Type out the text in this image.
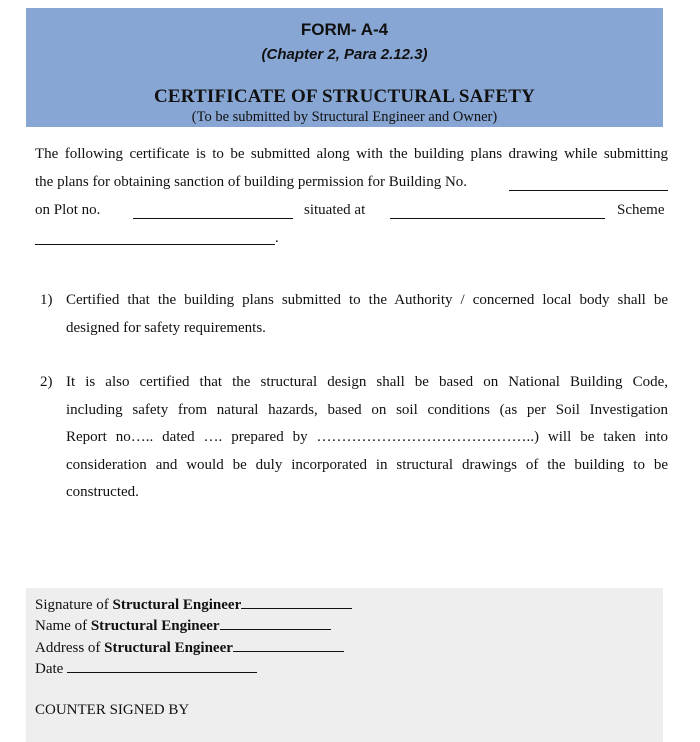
FORM- A-4
(Chapter 2, Para 2.12.3)
CERTIFICATE OF STRUCTURAL SAFETY
(To be submitted by Structural Engineer and Owner)
The following certificate is to be submitted along with the building plans drawing while submitting
the plans for obtaining sanction of building permission for Building No.
on Plot no.	situated at	Scheme
.
1) Certified that the building plans submitted to the Authority / concerned local body shall be
designed for safety requirements.
2) It is also certified that the structural design shall be based on National Building Code,
including safety from natural hazards, based on soil conditions (as per Soil Investigation
Report no….. dated …. prepared by ……………………………………..) will be taken into
consideration and would be duly incorporated in structural drawings of the building to be
constructed.
Signature of Structural Engineer
Name of Structural Engineer
Address of Structural Engineer
Date
COUNTER SIGNED BY
